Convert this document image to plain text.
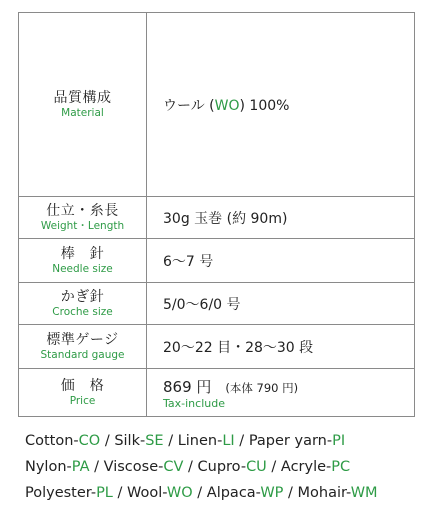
品質構成
Material	ウール (WO) 100%

仕立・糸長
Weight・Length	30g 玉巻 (約 90m)

棒　針
Needle size	6～7 号

かぎ針
Croche size	5/0～6/0 号

標準ゲージ
Standard gauge	20～22 目・28～30 段

価　格
Price	869 円 (本体 790 円)
Tax-include
Cotton-CO / Silk-SE / Linen-LI / Paper yarn-PI
Nylon-PA / Viscose-CV / Cupro-CU / Acryle-PC
Polyester-PL / Wool-WO / Alpaca-WP / Mohair-WM
